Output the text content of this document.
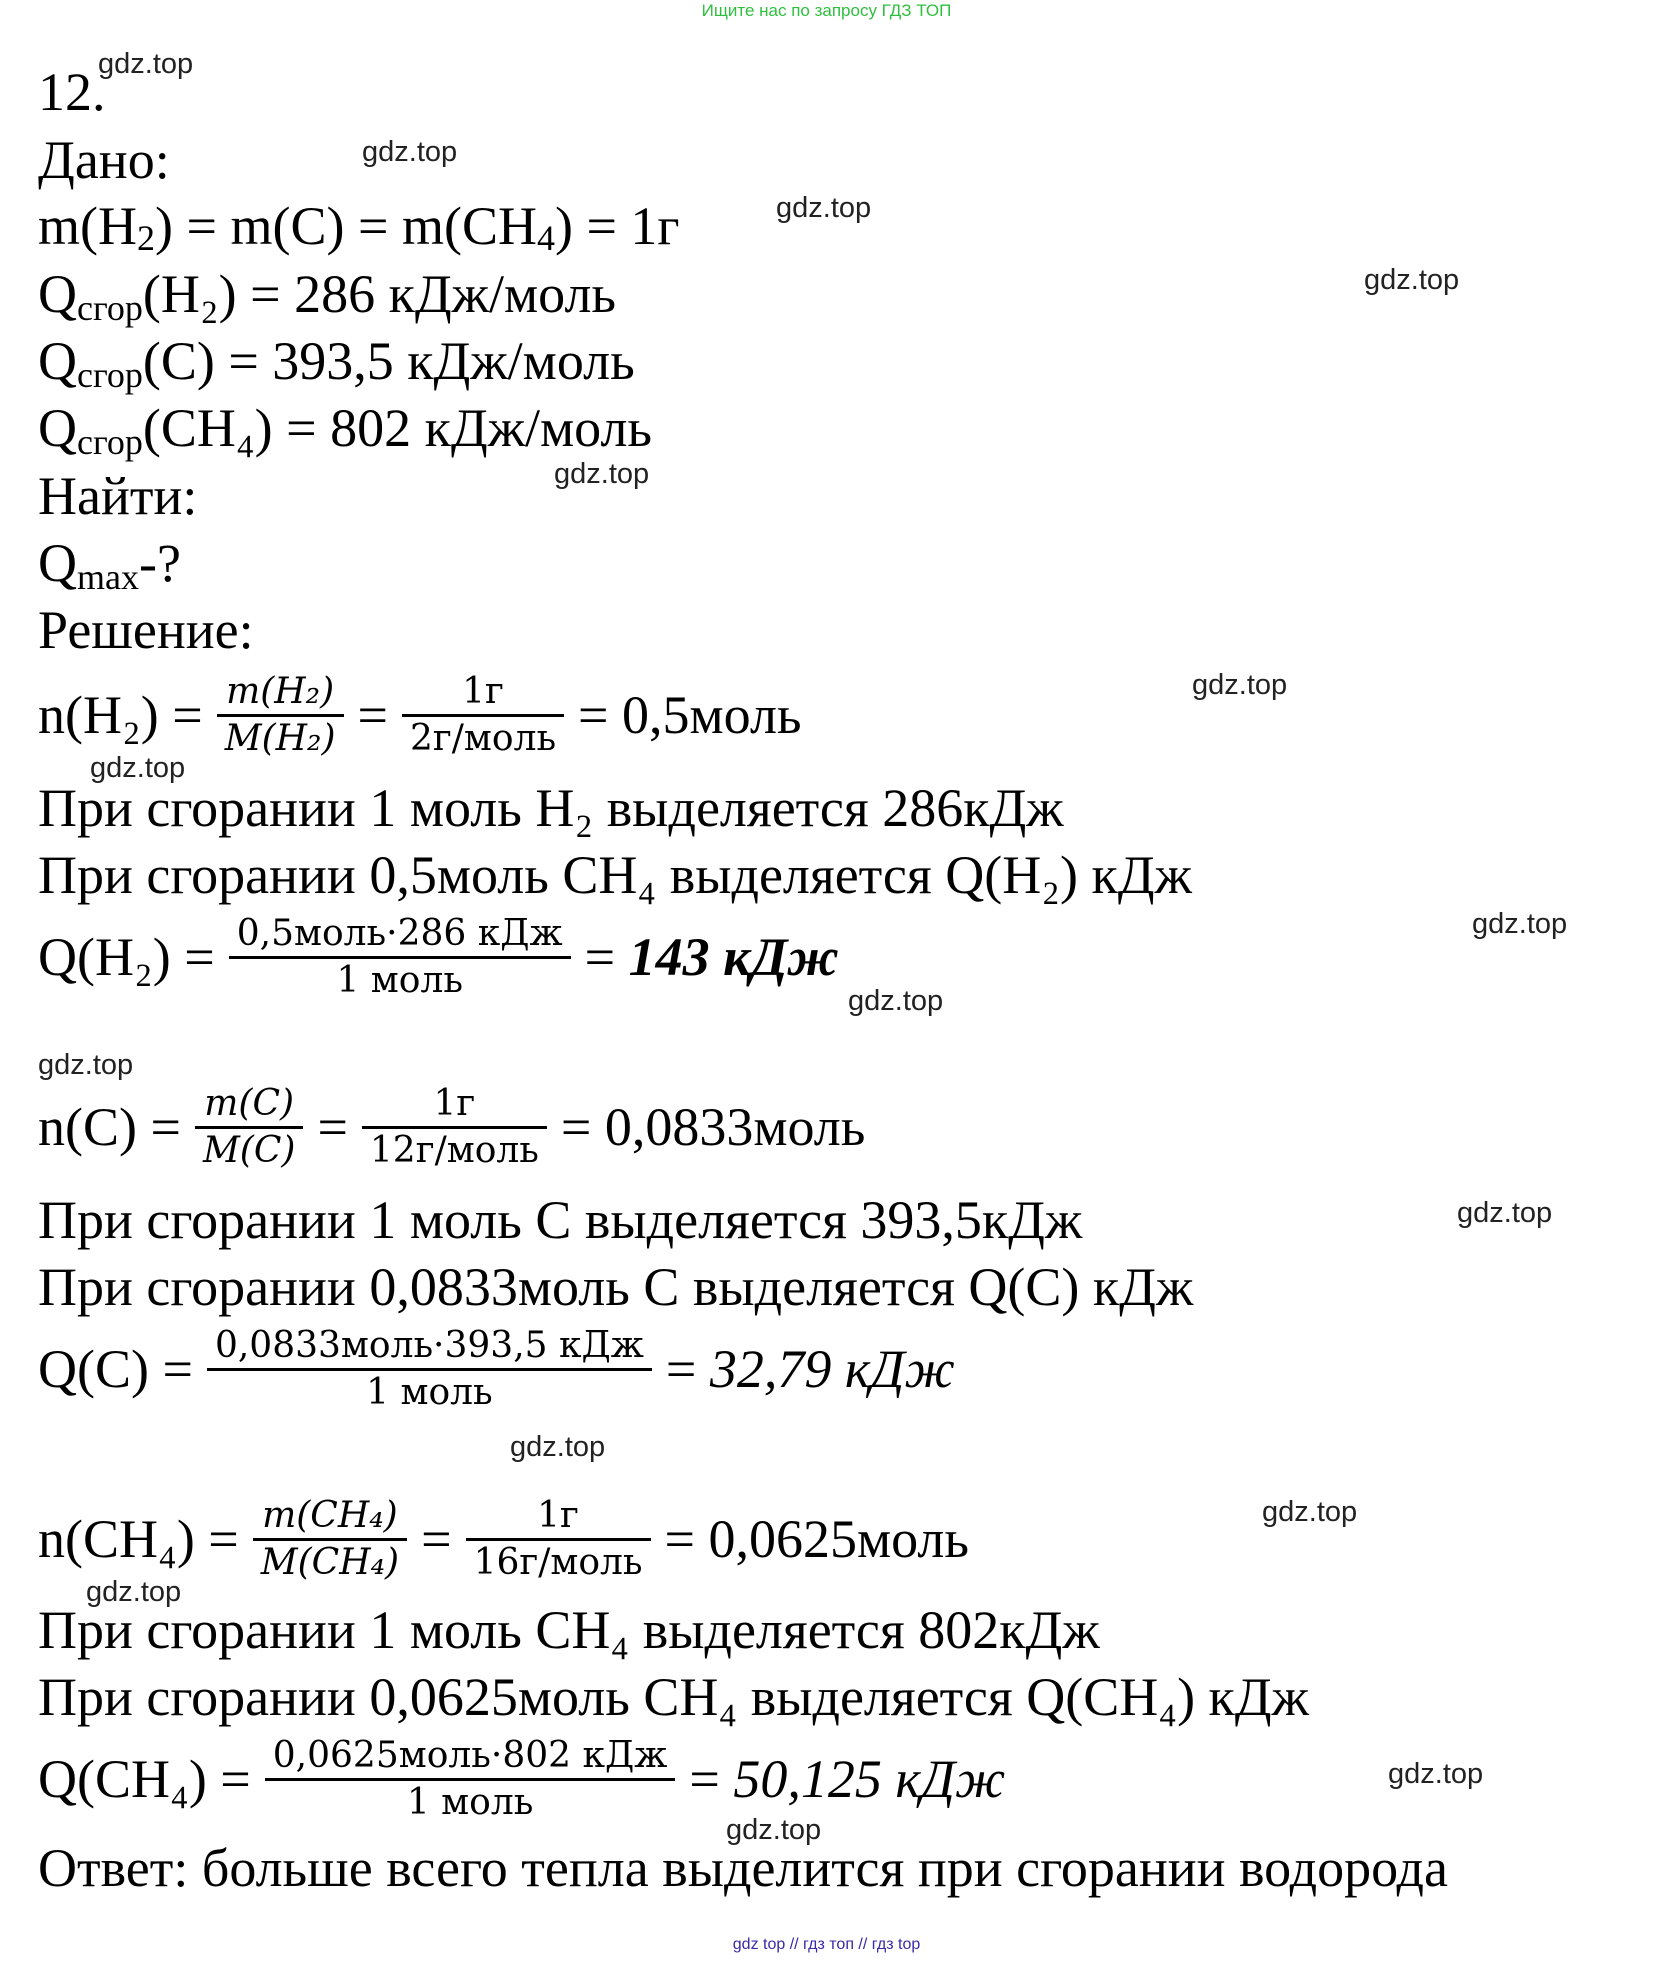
Ищите нас по запросу ГДЗ ТОП
gdz.top
gdz.top
gdz.top
gdz.top
gdz.top
gdz.top
gdz.top
gdz.top
gdz.top
gdz.top
gdz.top
gdz.top
gdz.top
gdz.top
gdz.top
gdz.top
12.
Дано:
$m(H_2) = m(C) = m(CH_4) = 1г$
Qсгор(H₂) = 286 кДж/моль
Qсгор(C) = 393,5 кДж/моль
Qсгор(CH₄) = 802 кДж/моль
Найти:
Qmax-?
Решение:
$n(H_2) = \frac{\text{m(H₂)}}{\text{M(H₂)}} = \frac{1г}{\text{2г/моль}}$ = 0,5моль
При сгорании 1 моль H₂ выделяется 286кДж
При сгорании 0,5моль CH₄ выделяется Q(H₂) кДж
$Q(H_2) = \frac{\text{0,5моль·286 кДж}}{\text{1 моль}} = 143$ кДж
$n(C) = \frac{m(C)}{M(C)} = \frac{1г}{\text{12г/моль}}$ = 0,0833моль
При сгорании 1 моль C выделяется 393,5кДж
При сгорании 0,0833моль C выделяется Q(C) кДж
$Q(C) = \frac{\text{0,0833моль·393,5 кДж}}{\text{1 моль}} = 32,79$ кДж
$n(CH_4) = \frac{\text{m(CH₄)}}{\text{M(CH₄)}} = \frac{1г}{\text{16г/моль}}$ = 0,0625моль
При сгорании 1 моль CH₄ выделяется 802кДж
При сгорании 0,0625моль CH₄ выделяется Q(CH₄) кДж
$Q(CH_4) = \frac{\text{0,0625моль·802 кДж}}{\text{1 моль}} = 50,125$ кДж
Ответ: больше всего тепла выделится при сгорании водорода
gdz top // гдз топ // гдз top
